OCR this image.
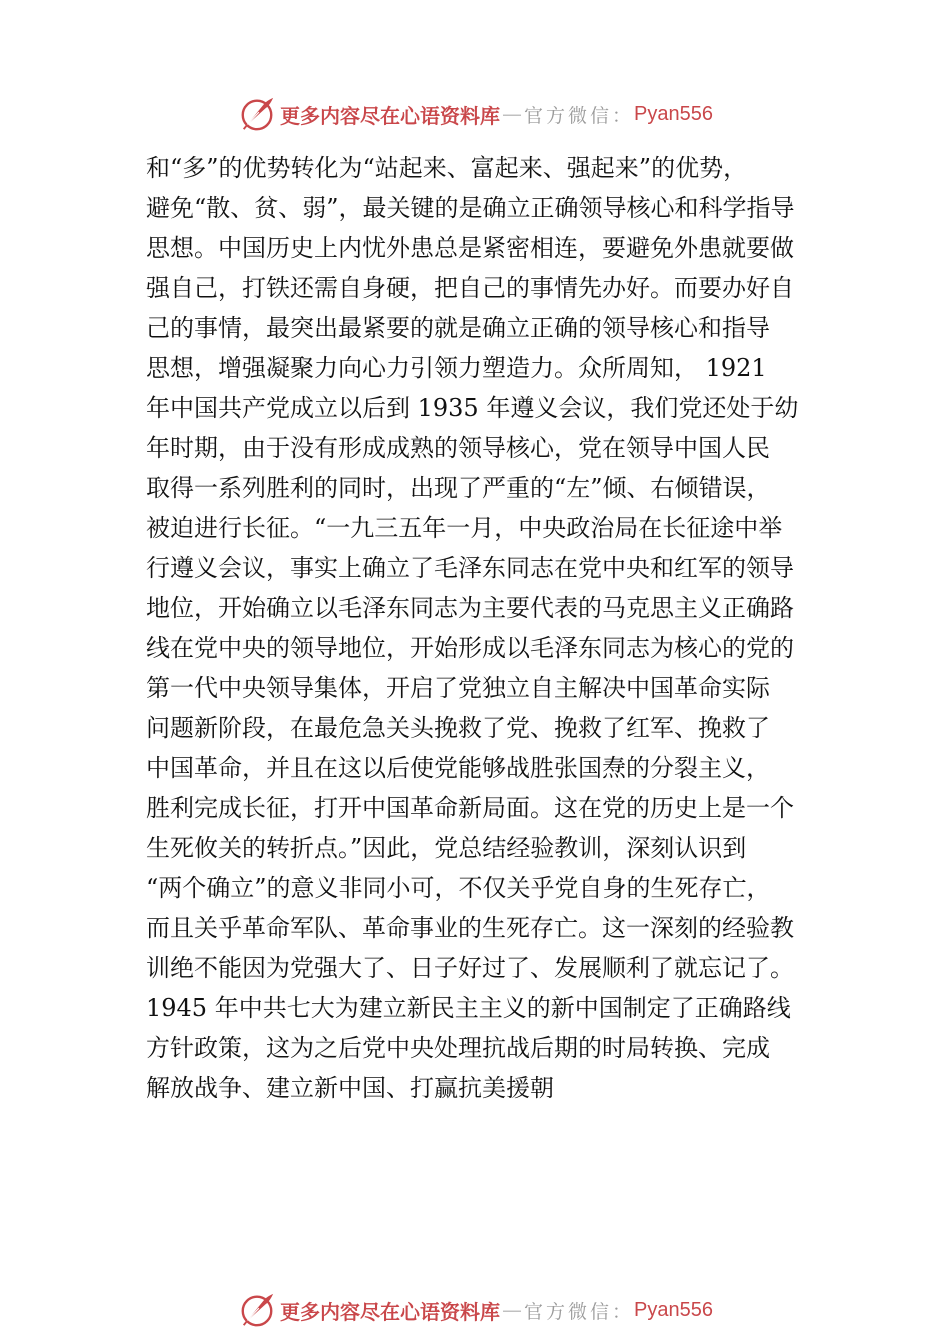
更多内容尽在心语资料库 — 官方微信： Pyan556
和“多”的优势转化为“站起来、富起来、强起来”的优势，
避免“散、贫、弱”，最关键的是确立正确领导核心和科学指导
思想。中国历史上内忧外患总是紧密相连，要避免外患就要做
强自己，打铁还需自身硬，把自己的事情先办好。而要办好自
己的事情，最突出最紧要的就是确立正确的领导核心和指导
思想，增强凝聚力向心力引领力塑造力。众所周知， 1921
年中国共产党成立以后到 1935 年遵义会议，我们党还处于幼
年时期，由于没有形成成熟的领导核心，党在领导中国人民
取得一系列胜利的同时，出现了严重的“左”倾、右倾错误，
被迫进行长征。“一九三五年一月，中央政治局在长征途中举
行遵义会议，事实上确立了毛泽东同志在党中央和红军的领导
地位，开始确立以毛泽东同志为主要代表的马克思主义正确路
线在党中央的领导地位，开始形成以毛泽东同志为核心的党的
第一代中央领导集体，开启了党独立自主解决中国革命实际
问题新阶段，在最危急关头挽救了党、挽救了红军、挽救了
中国革命，并且在这以后使党能够战胜张国焘的分裂主义，
胜利完成长征，打开中国革命新局面。这在党的历史上是一个
生死攸关的转折点。”因此，党总结经验教训，深刻认识到
“两个确立”的意义非同小可，不仅关乎党自身的生死存亡，
而且关乎革命军队、革命事业的生死存亡。这一深刻的经验教
训绝不能因为党强大了、日子好过了、发展顺利了就忘记了。
1945 年中共七大为建立新民主主义的新中国制定了正确路线
方针政策，这为之后党中央处理抗战后期的时局转换、完成
解放战争、建立新中国、打赢抗美援朝
更多内容尽在心语资料库 — 官方微信： Pyan556
